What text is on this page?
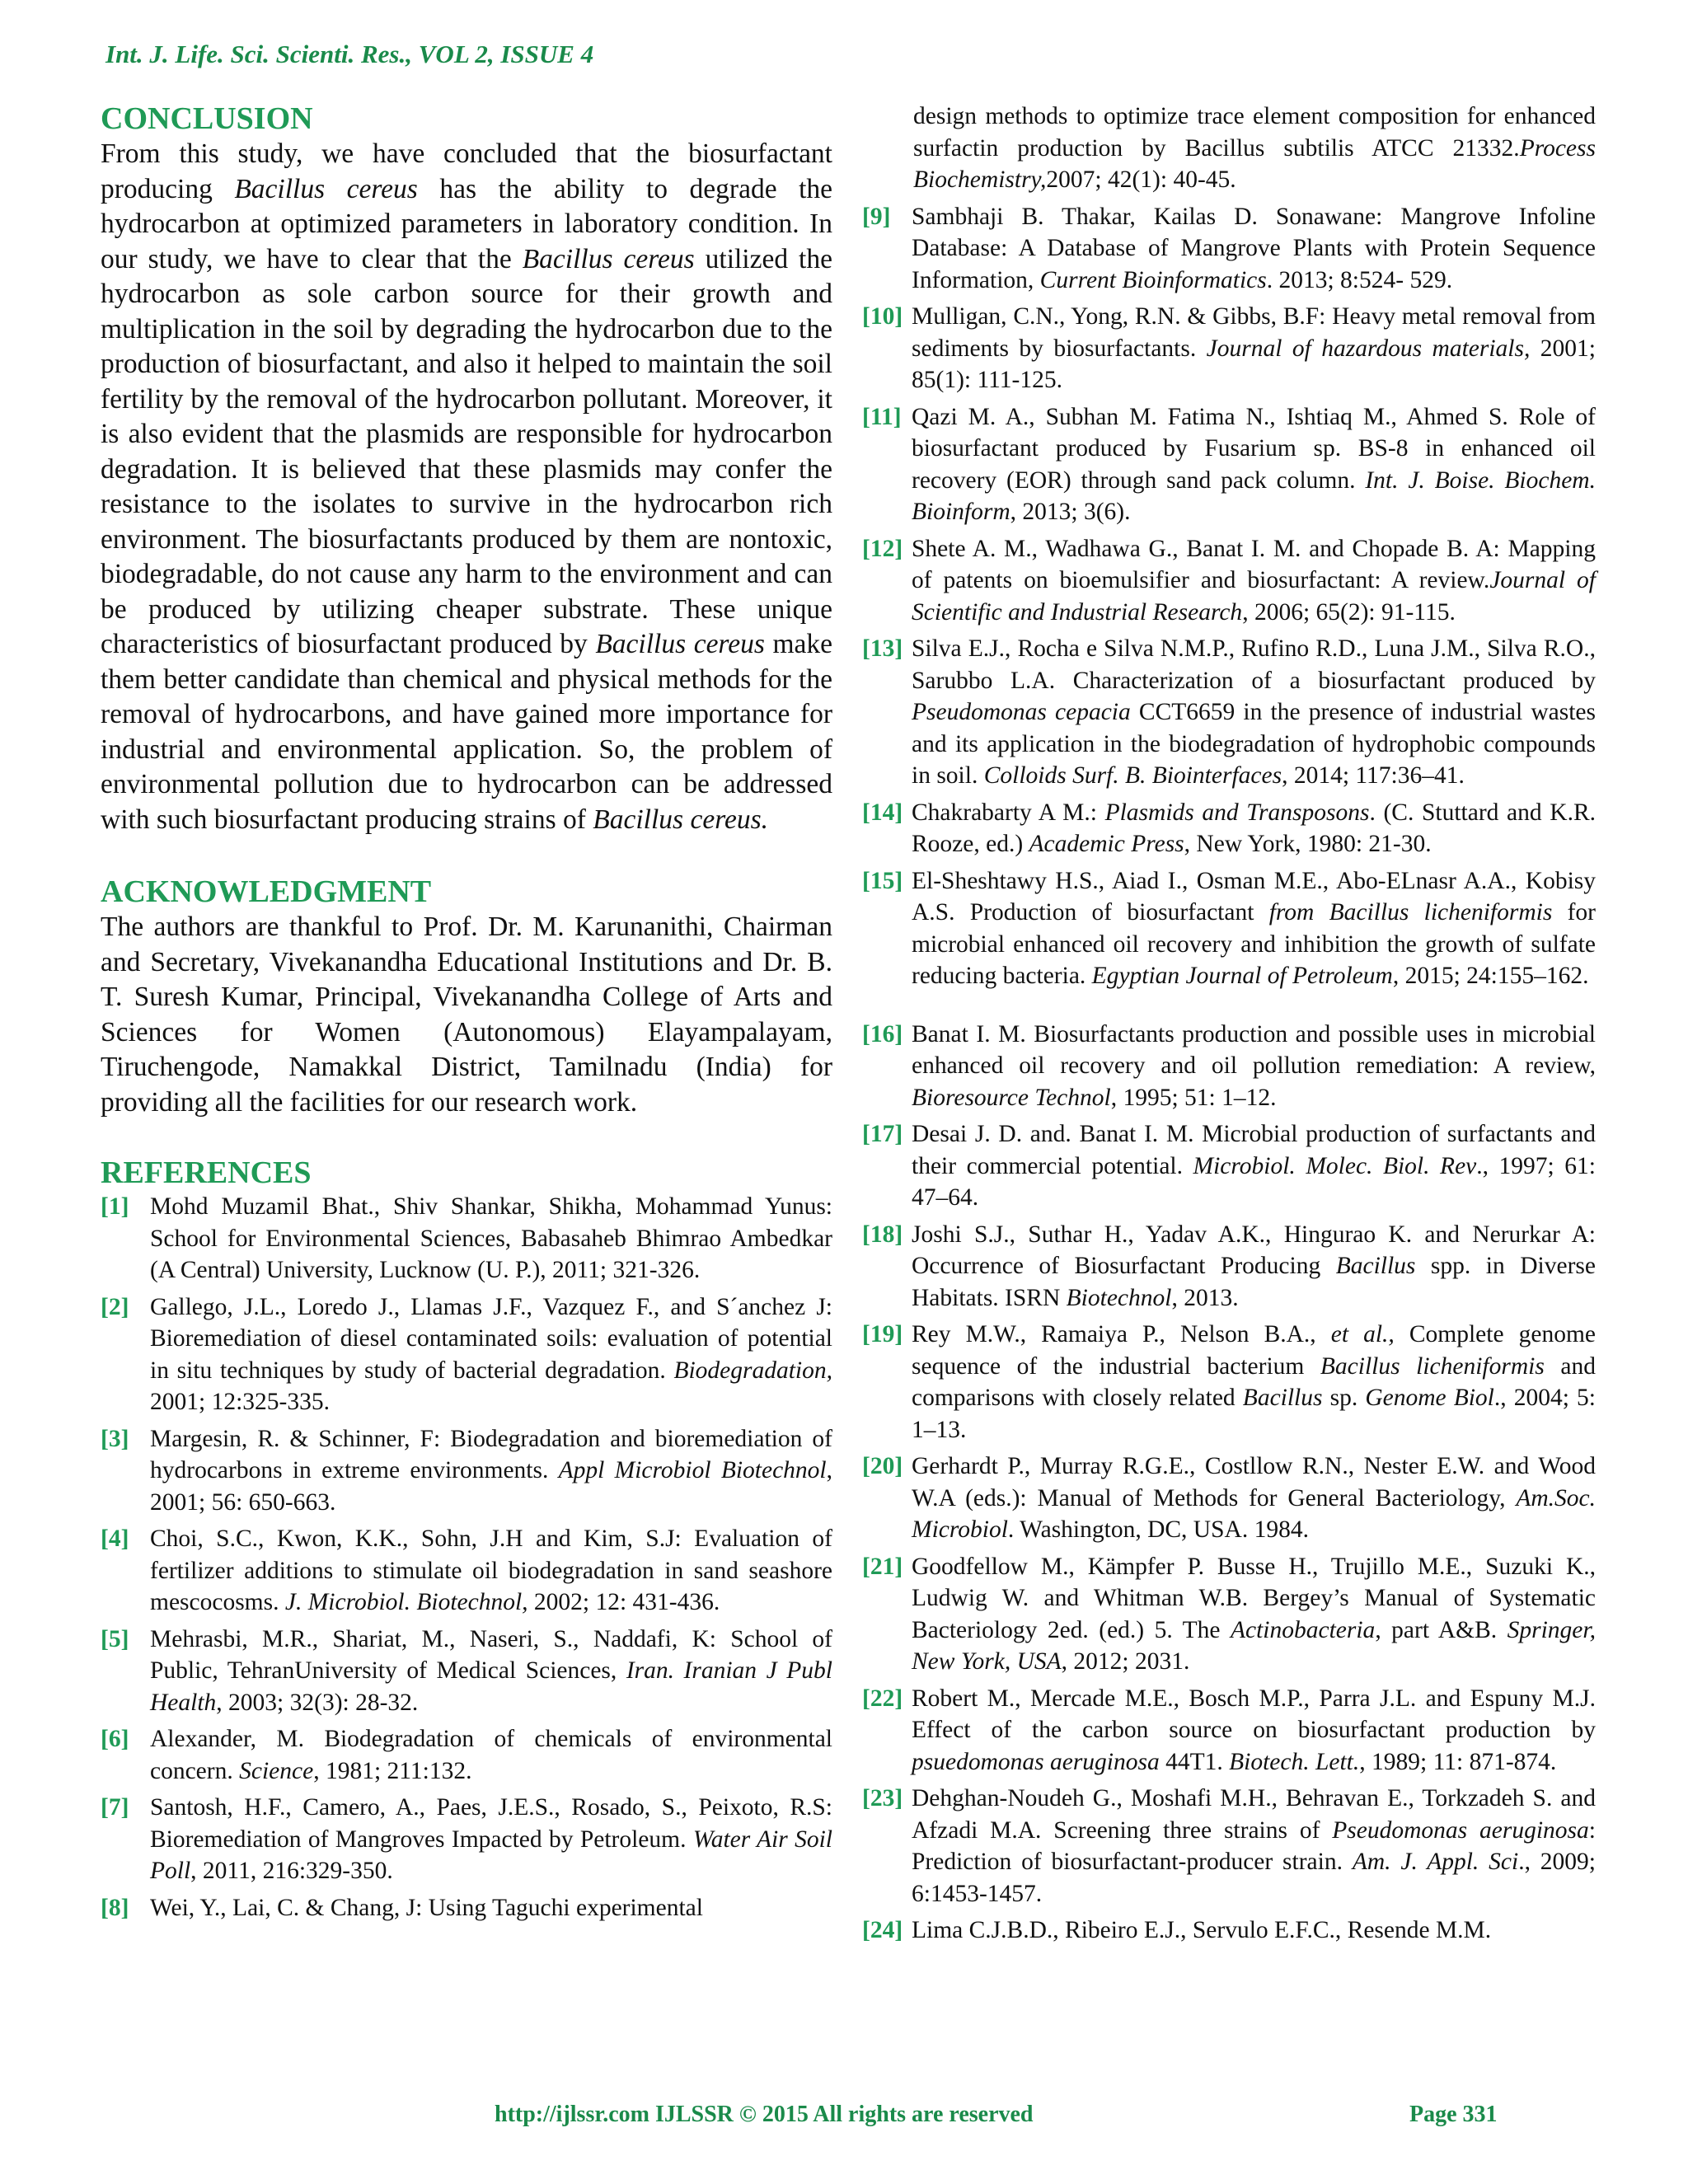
Int. J. Life. Sci. Scienti. Res., VOL 2, ISSUE 4
CONCLUSION

From this study, we have concluded that the biosurfactant producing Bacillus cereus has the ability to degrade the hydrocarbon at optimized parameters in laboratory condition. In our study, we have to clear that the Bacillus cereus utilized the hydrocarbon as sole carbon source for their growth and multiplication in the soil by degrading the hydrocarbon due to the production of biosurfactant, and also it helped to maintain the soil fertility by the removal of the hydrocarbon pollutant. Moreover, it is also evident that the plasmids are responsible for hydrocarbon degradation. It is believed that these plasmids may confer the resistance to the isolates to survive in the hydrocarbon rich environment. The biosurfactants produced by them are nontoxic, biodegradable, do not cause any harm to the environment and can be produced by utilizing cheaper substrate. These unique characteristics of biosurfactant produced by Bacillus cereus make them better candidate than chemical and physical methods for the removal of hydrocarbons, and have gained more importance for industrial and environmental application. So, the problem of environmental pollution due to hydrocarbon can be addressed with such biosurfactant producing strains of Bacillus cereus.

ACKNOWLEDGMENT

The authors are thankful to Prof. Dr. M. Karunanithi, Chairman and Secretary, Vivekanandha Educational Institutions and Dr. B. T. Suresh Kumar, Principal, Vivekanandha College of Arts and Sciences for Women (Autonomous) Elayampalayam, Tiruchengode, Namakkal District, Tamilnadu (India) for providing all the facilities for our research work.

REFERENCES
[1] Mohd Muzamil Bhat., Shiv Shankar, Shikha, Mohammad Yunus: School for Environmental Sciences, Babasaheb Bhimrao Ambedkar (A Central) University, Lucknow (U. P.), 2011; 321-326.
[2] Gallego, J.L., Loredo J., Llamas J.F., Vazquez F., and S´anchez J: Bioremediation of diesel contaminated soils: evaluation of potential in situ techniques by study of bacterial degradation. Biodegradation, 2001; 12:325-335.
[3] Margesin, R. & Schinner, F: Biodegradation and bioremediation of hydrocarbons in extreme environments. Appl Microbiol Biotechnol, 2001; 56: 650-663.
[4] Choi, S.C., Kwon, K.K., Sohn, J.H and Kim, S.J: Evaluation of fertilizer additions to stimulate oil biodegradation in sand seashore mescocosms. J. Microbiol. Biotechnol, 2002; 12: 431-436.
[5] Mehrasbi, M.R., Shariat, M., Naseri, S., Naddafi, K: School of Public, TehranUniversity of Medical Sciences, Iran. Iranian J Publ Health, 2003; 32(3): 28-32.
[6] Alexander, M. Biodegradation of chemicals of environmental concern. Science, 1981; 211:132.
[7] Santosh, H.F., Camero, A., Paes, J.E.S., Rosado, S., Peixoto, R.S: Bioremediation of Mangroves Impacted by Petroleum. Water Air Soil Poll, 2011, 216:329-350.
[8] Wei, Y., Lai, C. & Chang, J: Using Taguchi experimental
design methods to optimize trace element composition for enhanced surfactin production by Bacillus subtilis ATCC 21332.Process Biochemistry,2007; 42(1): 40-45.
[9] Sambhaji B. Thakar, Kailas D. Sonawane: Mangrove Infoline Database: A Database of Mangrove Plants with Protein Sequence Information, Current Bioinformatics. 2013; 8:524- 529.
[10] Mulligan, C.N., Yong, R.N. & Gibbs, B.F: Heavy metal removal from sediments by biosurfactants. Journal of hazardous materials, 2001; 85(1): 111-125.
[11] Qazi M. A., Subhan M. Fatima N., Ishtiaq M., Ahmed S. Role of biosurfactant produced by Fusarium sp. BS-8 in enhanced oil recovery (EOR) through sand pack column. Int. J. Boise. Biochem. Bioinform, 2013; 3(6).
[12] Shete A. M., Wadhawa G., Banat I. M. and Chopade B. A: Mapping of patents on bioemulsifier and biosurfactant: A review.Journal of Scientific and Industrial Research, 2006; 65(2): 91-115.
[13] Silva E.J., Rocha e Silva N.M.P., Rufino R.D., Luna J.M., Silva R.O., Sarubbo L.A. Characterization of a biosurfactant produced by Pseudomonas cepacia CCT6659 in the presence of industrial wastes and its application in the biodegradation of hydrophobic compounds in soil. Colloids Surf. B. Biointerfaces, 2014; 117:36–41.
[14] Chakrabarty A M.: Plasmids and Transposons. (C. Stuttard and K.R. Rooze, ed.) Academic Press, New York, 1980: 21-30.
[15] El-Sheshtawy H.S., Aiad I., Osman M.E., Abo-ELnasr A.A., Kobisy A.S. Production of biosurfactant from Bacillus licheniformis for microbial enhanced oil recovery and inhibition the growth of sulfate reducing bacteria. Egyptian Journal of Petroleum, 2015; 24:155–162.
[16] Banat I. M. Biosurfactants production and possible uses in microbial enhanced oil recovery and oil pollution remediation: A review, Bioresource Technol, 1995; 51: 1–12.
[17] Desai J. D. and. Banat I. M. Microbial production of surfactants and their commercial potential. Microbiol. Molec. Biol. Rev., 1997; 61: 47–64.
[18] Joshi S.J., Suthar H., Yadav A.K., Hingurao K. and Nerurkar A: Occurrence of Biosurfactant Producing Bacillus spp. in Diverse Habitats. ISRN Biotechnol, 2013.
[19] Rey M.W., Ramaiya P., Nelson B.A., et al., Complete genome sequence of the industrial bacterium Bacillus licheniformis and comparisons with closely related Bacillus sp. Genome Biol., 2004; 5: 1–13.
[20] Gerhardt P., Murray R.G.E., Costllow R.N., Nester E.W. and Wood W.A (eds.): Manual of Methods for General Bacteriology, Am.Soc. Microbiol. Washington, DC, USA. 1984.
[21] Goodfellow M., Kämpfer P. Busse H., Trujillo M.E., Suzuki K., Ludwig W. and Whitman W.B. Bergey’s Manual of Systematic Bacteriology 2ed. (ed.) 5. The Actinobacteria, part A&B. Springer, New York, USA, 2012; 2031.
[22] Robert M., Mercade M.E., Bosch M.P., Parra J.L. and Espuny M.J. Effect of the carbon source on biosurfactant production by psuedomonas aeruginosa 44T1. Biotech. Lett., 1989; 11: 871-874.
[23] Dehghan-Noudeh G., Moshafi M.H., Behravan E., Torkzadeh S. and Afzadi M.A. Screening three strains of Pseudomonas aeruginosa: Prediction of biosurfactant-producer strain. Am. J. Appl. Sci., 2009; 6:1453-1457.
[24] Lima C.J.B.D., Ribeiro E.J., Servulo E.F.C., Resende M.M.
http://ijlssr.com IJLSSR © 2015 All rights are reserved	Page 331
